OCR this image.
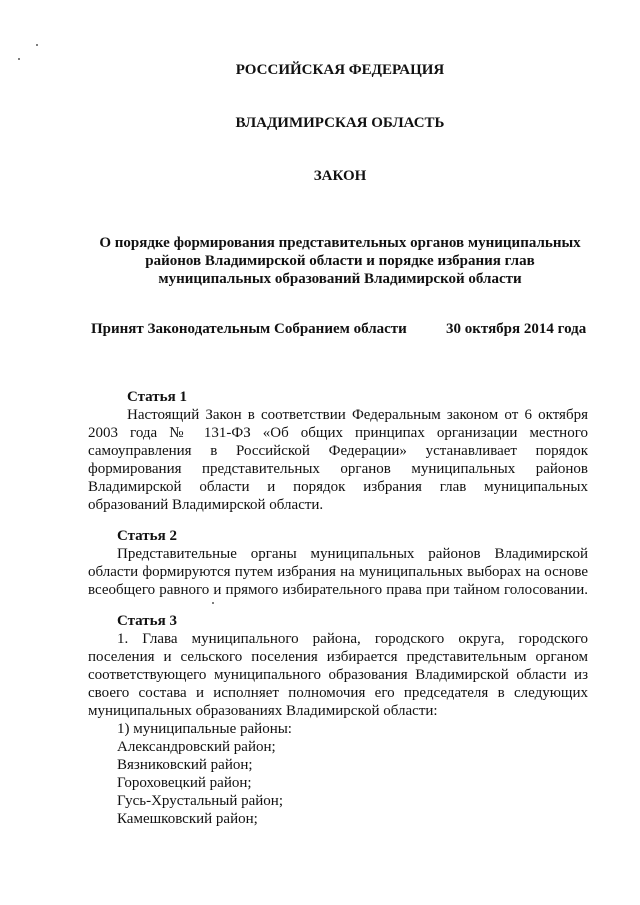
РОССИЙСКАЯ ФЕДЕРАЦИЯ
ВЛАДИМИРСКАЯ ОБЛАСТЬ
ЗАКОН
О порядке формирования представительных органов муниципальных
районов Владимирской области и порядке избрания глав
муниципальных образований Владимирской области
Принят Законодательным Собранием области	30 октября 2014 года
Статья 1
Настоящий Закон в соответствии Федеральным законом от 6 октября
2003 года № 131-ФЗ «Об общих принципах организации местного
самоуправления в Российской Федерации» устанавливает порядок
формирования представительных органов муниципальных районов
Владимирской области и порядок избрания глав муниципальных
образований Владимирской области.
Статья 2
Представительные органы муниципальных районов Владимирской
области формируются путем избрания на муниципальных выборах на основе
всеобщего равного и прямого избирательного права при тайном голосовании.
Статья 3
1. Глава муниципального района, городского округа, городского
поселения и сельского поселения избирается представительным органом
соответствующего муниципального образования Владимирской области из
своего состава и исполняет полномочия его председателя в следующих
муниципальных образованиях Владимирской области:
1) муниципальные районы:
Александровский район;
Вязниковский район;
Гороховецкий район;
Гусь-Хрустальный район;
Камешковский район;
